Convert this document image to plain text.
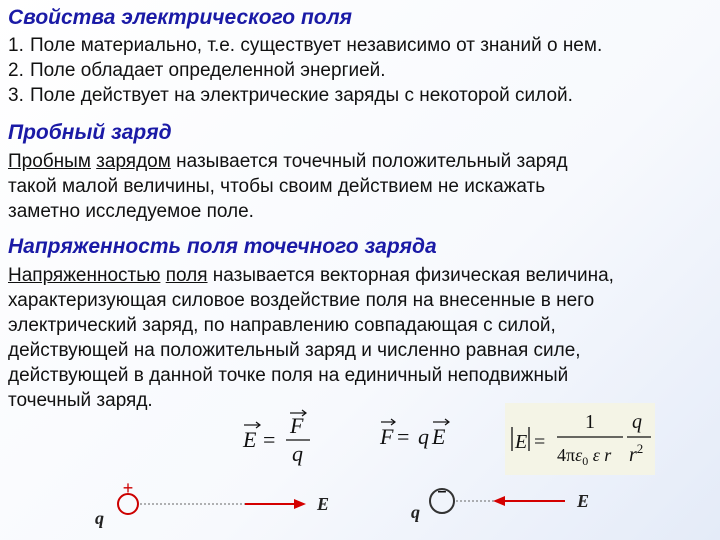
Свойства электрического поля
1. Поле материально, т.е. существует независимо от знаний о нем.
2. Поле обладает определенной энергией.
3. Поле действует на электрические заряды с некоторой силой.
Пробный заряд
Пробным зарядом называется точечный положительный заряд
такой малой величины, чтобы своим действием не искажать
заметно исследуемое поле.
Напряженность поля точечного заряда
Напряженностью поля называется векторная физическая величина,
характеризующая силовое воздействие поля на внесенные в него
электрический заряд, по направлению совпадающая с силой,
действующей на положительный заряд и численно равная силе,
действующей в данной точке поля на единичный неподвижный
точечный заряд.
E =
F
q
F = q E	E =
1
$4\pi\varepsilon_0$ ε r
q
$r^2$
+
q
E
–
q
E
